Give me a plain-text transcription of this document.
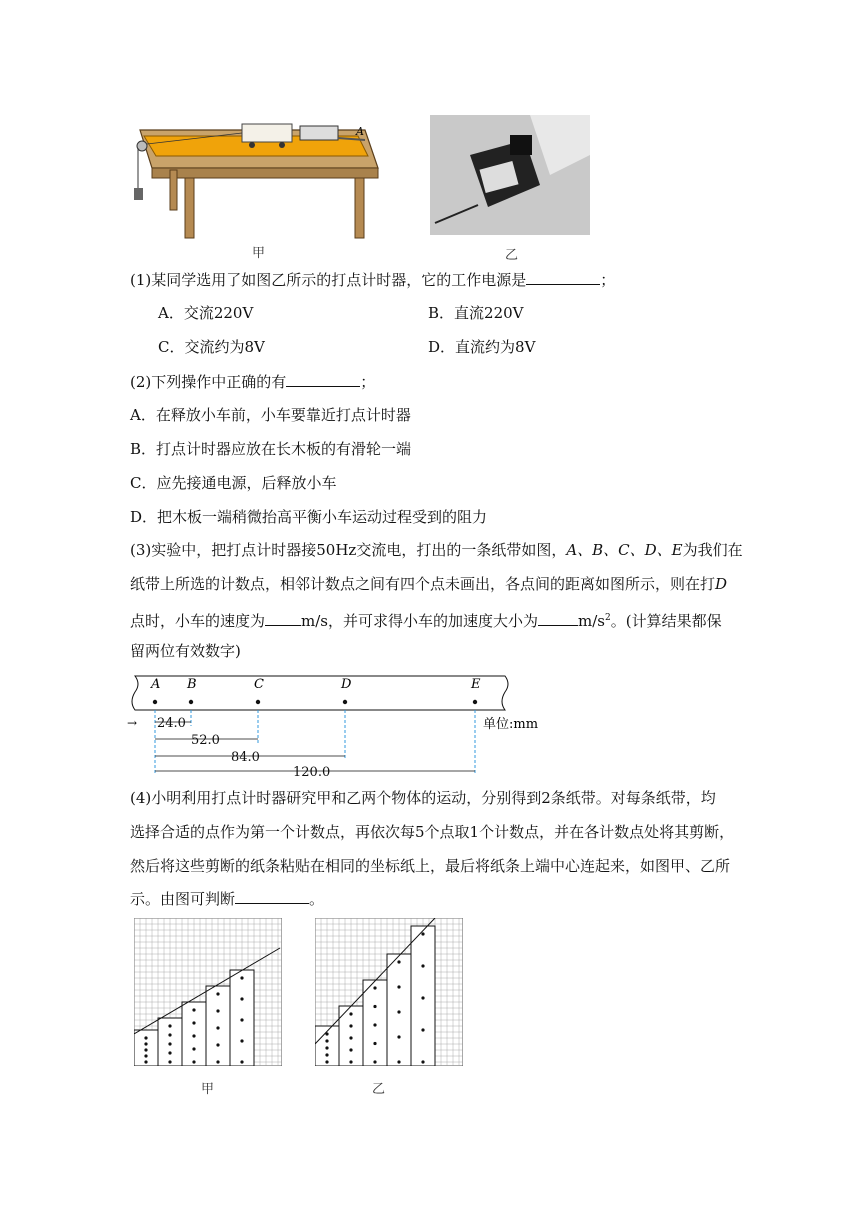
A
甲	乙
(1)某同学选用了如图乙所示的打点计时器，它的工作电源是	；
A．交流220V	B．直流220V
C．交流约为8V	D．直流约为8V
(2)下列操作中正确的有	；
A．在释放小车前，小车要靠近打点计时器
B．打点计时器应放在长木板的有滑轮一端
C．应先接通电源，后释放小车
D．把木板一端稍微抬高平衡小车运动过程受到的阻力
(3)实验中，把打点计时器接50Hz交流电，打出的一条纸带如图，A、B、C、D、E为我们在
纸带上所选的计数点，相邻计数点之间有四个点未画出，各点间的距离如图所示，则在打D
点时，小车的速度为 m/s，并可求得小车的加速度大小为	$m/s^2$。(计算结果都保
留两位有效数字)
A B	C	D	E
24.0
52.0
84.0
120.0
→	单位:mm
(4)小明利用打点计时器研究甲和乙两个物体的运动，分别得到2条纸带。对每条纸带，均
选择合适的点作为第一个计数点，再依次每5个点取1个计数点，并在各计数点处将其剪断，
然后将这些剪断的纸条粘贴在相同的坐标纸上，最后将纸条上端中心连起来，如图甲、乙所
示。由图可判断	。
甲	乙
